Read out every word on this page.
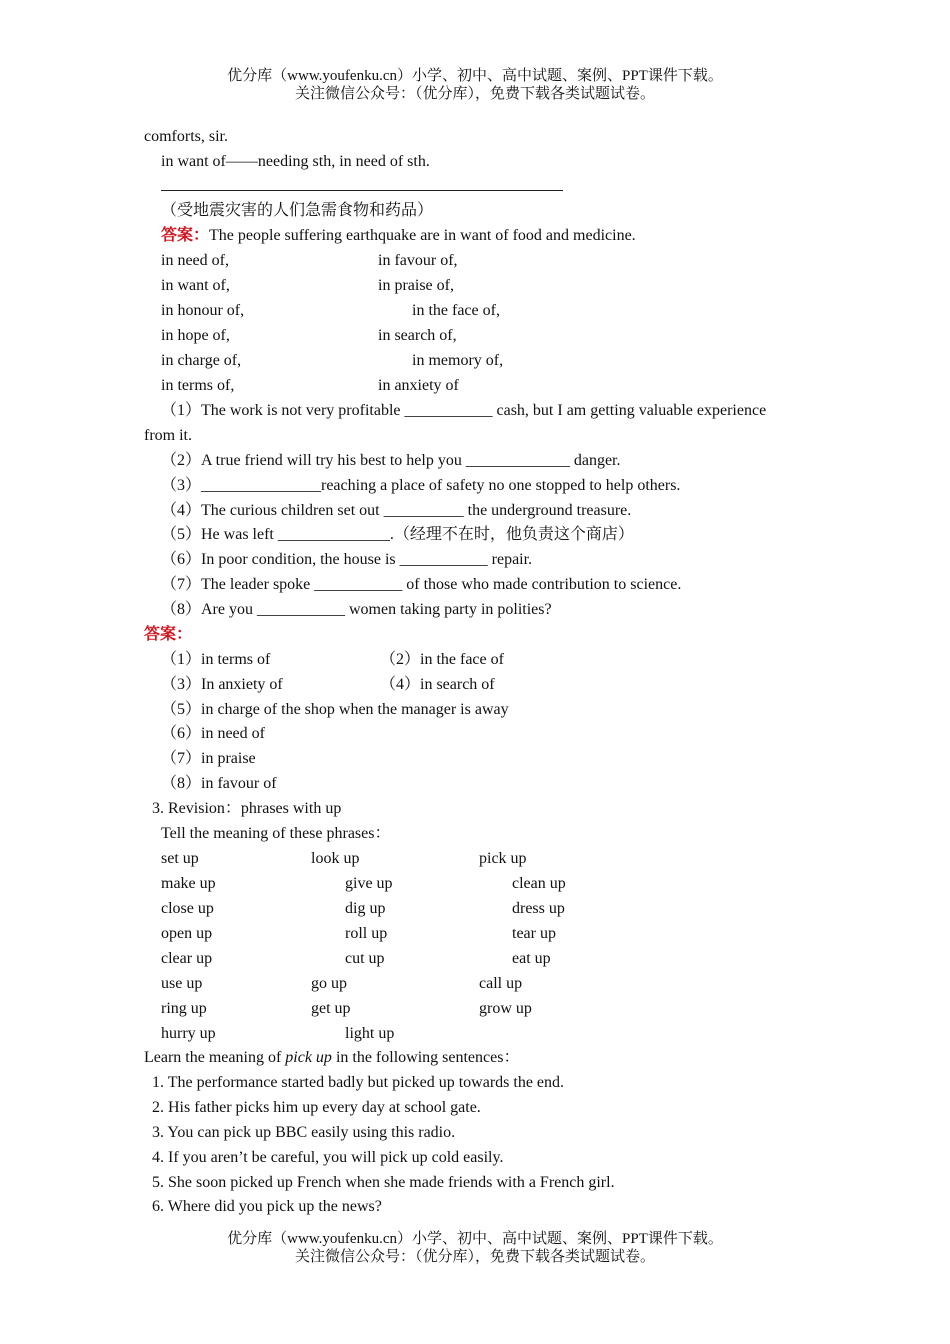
优分库（www.youfenku.cn）小学、初中、高中试题、案例、PPT课件下载。
关注微信公众号：（优分库），免费下载各类试题试卷。
comforts, sir.
in want of——needing sth, in need of sth.
（受地震灾害的人们急需食物和药品）
答案：The people suffering earthquake are in want of food and medicine.
in need of,	in favour of,
in want of,	in praise of,
in honour of,	in the face of,
in hope of,	in search of,
in charge of,	in memory of,
in terms of,	in anxiety of
（1）The work is not very profitable ___________ cash, but I am getting valuable experience
from it.
（2）A true friend will try his best to help you _____________ danger.
（3）_______________reaching a place of safety no one stopped to help others.
（4）The curious children set out __________ the underground treasure.
（5）He was left ______________.（经理不在时，他负责这个商店）
（6）In poor condition, the house is ___________ repair.
（7）The leader spoke ___________ of those who made contribution to science.
（8）Are you ___________ women taking party in polities?
答案：
（1）in terms of	（2）in the face of
（3）In anxiety of	（4）in search of
（5）in charge of the shop when the manager is away
（6）in need of
（7）in praise
（8）in favour of
3. Revision：phrases with up
Tell the meaning of these phrases：
set up	look up	pick up
make up	give up	clean up
close up	dig up	dress up
open up	roll up	tear up
clear up	cut up	eat up
use up	go up	call up
ring up	get up	grow up
hurry up	light up
Learn the meaning of pick up in the following sentences：
1. The performance started badly but picked up towards the end.
2. His father picks him up every day at school gate.
3. You can pick up BBC easily using this radio.
4. If you aren’t be careful, you will pick up cold easily.
5. She soon picked up French when she made friends with a French girl.
6. Where did you pick up the news?
优分库（www.youfenku.cn）小学、初中、高中试题、案例、PPT课件下载。
关注微信公众号：（优分库），免费下载各类试题试卷。
